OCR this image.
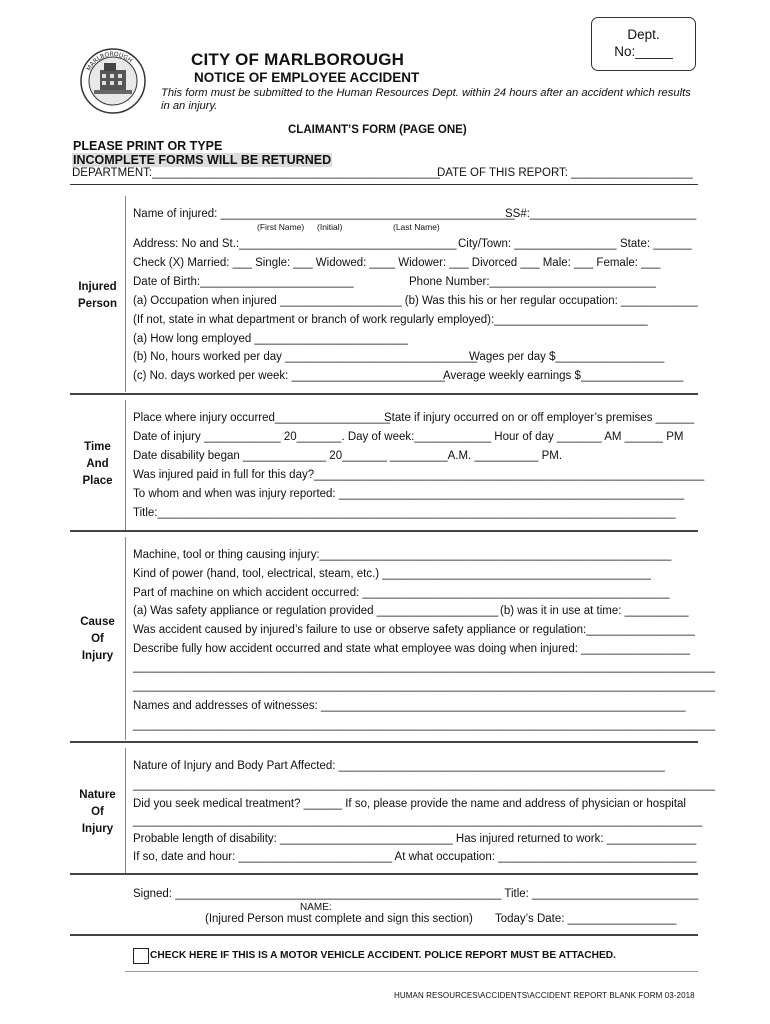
MARLBOROUGH
Dept.
No:_____
CITY OF MARLBOROUGH
NOTICE OF EMPLOYEE ACCIDENT
This form must be submitted to the Human Resources Dept. within 24 hours after an accident which results in an injury.
CLAIMANT’S FORM (PAGE ONE)
PLEASE PRINT OR TYPE
INCOMPLETE FORMS WILL BE RETURNED
DEPARTMENT:_____________________________________________
DATE OF THIS REPORT: ___________________
Injured
Person
Name of injured: ______________________________________________
SS#:__________________________
(First Name) (Initial)	(Last Name)
Address: No and St.:__________________________________ City/Town: ________________ State: ______
Check (X) Married: ___ Single: ___ Widowed: ____ Widower: ___ Divorced ___ Male: ___ Female: ___
Date of Birth:________________________	Phone Number:__________________________
(a) Occupation when injured ___________________ (b) Was this his or her regular occupation: ____________
(If not, state in what department or branch of work regularly employed):________________________
(a) How long employed ________________________
(b) No, hours worked per day ______________________________
Wages per day $_________________
(c) No. days worked per week: ________________________
Average weekly earnings $________________
Time
And
Place
Place where injury occurred__________________
State if injury occurred on or off employer’s premises ______
Date of injury ____________ 20_______. Day of week:____________ Hour of day _______ AM ______ PM
Date disability began _____________ 20_______ _________A.M. __________ PM.
Was injured paid in full for this day?_____________________________________________________________
To whom and when was injury reported: ______________________________________________________
Title:_________________________________________________________________________________
Cause
Of
Injury
Machine, tool or thing causing injury:_______________________________________________________
Kind of power (hand, tool, electrical, steam, etc.) __________________________________________
Part of machine on which accident occurred: ________________________________________________
(a) Was safety appliance or regulation provided ___________________ (b) was it in use at time: __________
Was accident caused by injured’s failure to use or observe safety appliance or regulation:_________________
Describe fully how accident occurred and state what employee was doing when injured: _________________
___________________________________________________________________________________________
___________________________________________________________________________________________
Names and addresses of witnesses: _________________________________________________________
___________________________________________________________________________________________
Nature
Of
Injury
Nature of Injury and Body Part Affected: ___________________________________________________
___________________________________________________________________________________________
Did you seek medical treatment? ______ If so, please provide the name and address of physician or hospital
_________________________________________________________________________________________
Probable length of disability: ___________________________ Has injured returned to work: ______________
If so, date and hour: ________________________ At what occupation: _______________________________
Signed: ___________________________________________________ Title: __________________________
NAME:
(Injured Person must complete and sign this section) Today’s Date: _________________
CHECK HERE IF THIS IS A MOTOR VEHICLE ACCIDENT. POLICE REPORT MUST BE ATTACHED.
HUMAN RESOURCES\ACCIDENTS\ACCIDENT REPORT BLANK FORM 03-2018
